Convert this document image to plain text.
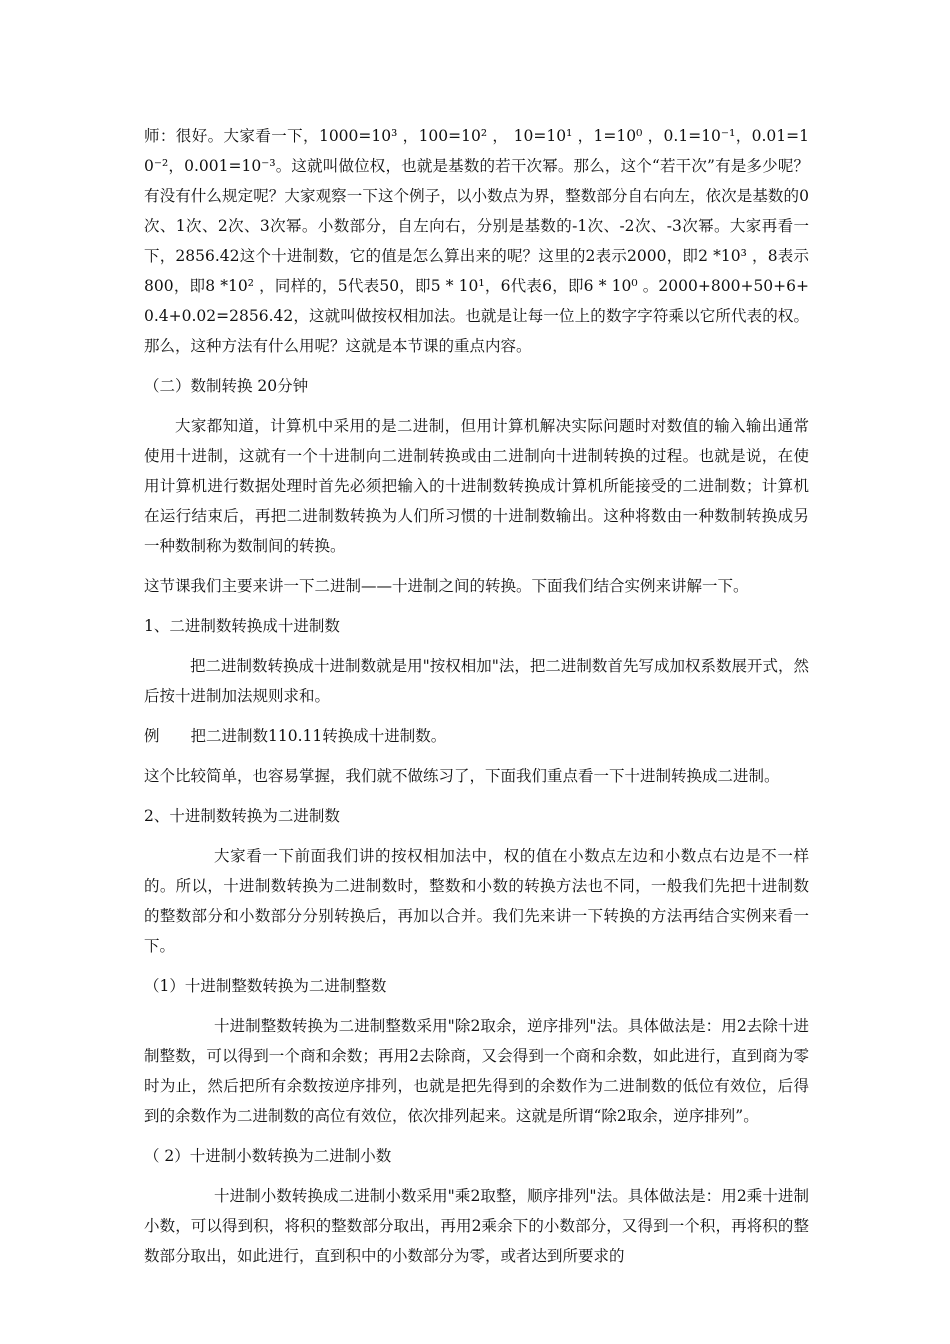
师：很好。大家看一下，1000=10³ ，100=10² ， 10=10¹ ，1=10⁰ ，0.1=10⁻¹，0.01=10⁻²，0.001=10⁻³。这就叫做位权，也就是基数的若干次幂。那么，这个“若干次”有是多少呢？有没有什么规定呢？大家观察一下这个例子，以小数点为界，整数部分自右向左，依次是基数的0次、1次、2次、3次幂。小数部分，自左向右，分别是基数的-1次、-2次、-3次幂。大家再看一下，2856.42这个十进制数，它的值是怎么算出来的呢？这里的2表示2000，即2 *10³ ，8表示800，即8 *10² ，同样的，5代表50，即5 * 10¹，6代表6，即6 * 10⁰ 。2000+800+50+6+0.4+0.02=2856.42，这就叫做按权相加法。也就是让每一位上的数字字符乘以它所代表的权。那么，这种方法有什么用呢？这就是本节课的重点内容。

（二）数制转换 20分钟

大家都知道，计算机中采用的是二进制，但用计算机解决实际问题时对数值的输入输出通常使用十进制，这就有一个十进制向二进制转换或由二进制向十进制转换的过程。也就是说，在使用计算机进行数据处理时首先必须把输入的十进制数转换成计算机所能接受的二进制数；计算机在运行结束后，再把二进制数转换为人们所习惯的十进制数输出。这种将数由一种数制转换成另一种数制称为数制间的转换。

这节课我们主要来讲一下二进制——十进制之间的转换。下面我们结合实例来讲解一下。

1、二进制数转换成十进制数

把二进制数转换成十进制数就是用"按权相加"法，把二进制数首先写成加权系数展开式，然后按十进制加法规则求和。

例　　把二进制数110.11转换成十进制数。

这个比较简单，也容易掌握，我们就不做练习了，下面我们重点看一下十进制转换成二进制。

2、十进制数转换为二进制数

大家看一下前面我们讲的按权相加法中，权的值在小数点左边和小数点右边是不一样的。所以，十进制数转换为二进制数时，整数和小数的转换方法也不同，一般我们先把十进制数的整数部分和小数部分分别转换后，再加以合并。我们先来讲一下转换的方法再结合实例来看一下。

（1）十进制整数转换为二进制整数

十进制整数转换为二进制整数采用"除2取余，逆序排列"法。具体做法是：用2去除十进制整数，可以得到一个商和余数；再用2去除商，又会得到一个商和余数，如此进行，直到商为零时为止，然后把所有余数按逆序排列，也就是把先得到的余数作为二进制数的低位有效位，后得到的余数作为二进制数的高位有效位，依次排列起来。这就是所谓“除2取余，逆序排列”。

（ 2）十进制小数转换为二进制小数

十进制小数转换成二进制小数采用"乘2取整，顺序排列"法。具体做法是：用2乘十进制小数，可以得到积，将积的整数部分取出，再用2乘余下的小数部分，又得到一个积，再将积的整数部分取出，如此进行，直到积中的小数部分为零，或者达到所要求的
